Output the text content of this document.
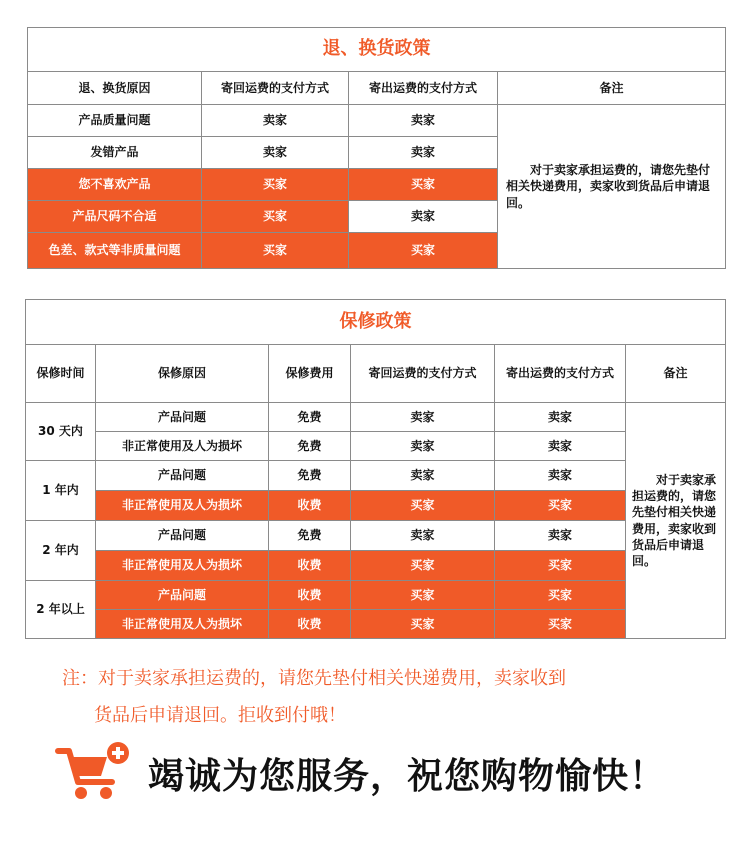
退、换货政策			
退、换货原因	寄回运费的支付方式	寄出运费的支付方式	备注
产品质量问题	卖家	卖家	对于卖家承担运费的，请您先垫付相关快递费用，卖家收到货品后申请退回。

发错产品	卖家	卖家	
您不喜欢产品	买家	买家	
产品尺码不合适	买家	卖家	
色差、款式等非质量问题	买家	买家	
保修政策					
保修时间	保修原因	保修费用	寄回运费的支付方式	寄出运费的支付方式	备注
30 天内	产品问题	免费	卖家	卖家	对于卖家承担运费的，请您先垫付相关快递费用，卖家收到货品后申请退回。

	非正常使用及人为损坏	免费	卖家	卖家	
1 年内	产品问题	免费	卖家	卖家	
	非正常使用及人为损坏	收费	买家	买家	
2 年内	产品问题	免费	卖家	卖家	
	非正常使用及人为损坏	收费	买家	买家	
2 年以上	产品问题	收费	买家	买家	
	非正常使用及人为损坏	收费	买家	买家	
注：对于卖家承担运费的，请您先垫付相关快递费用，卖家收到
货品后申请退回。拒收到付哦！
竭诚为您服务，祝您购物愉快！
